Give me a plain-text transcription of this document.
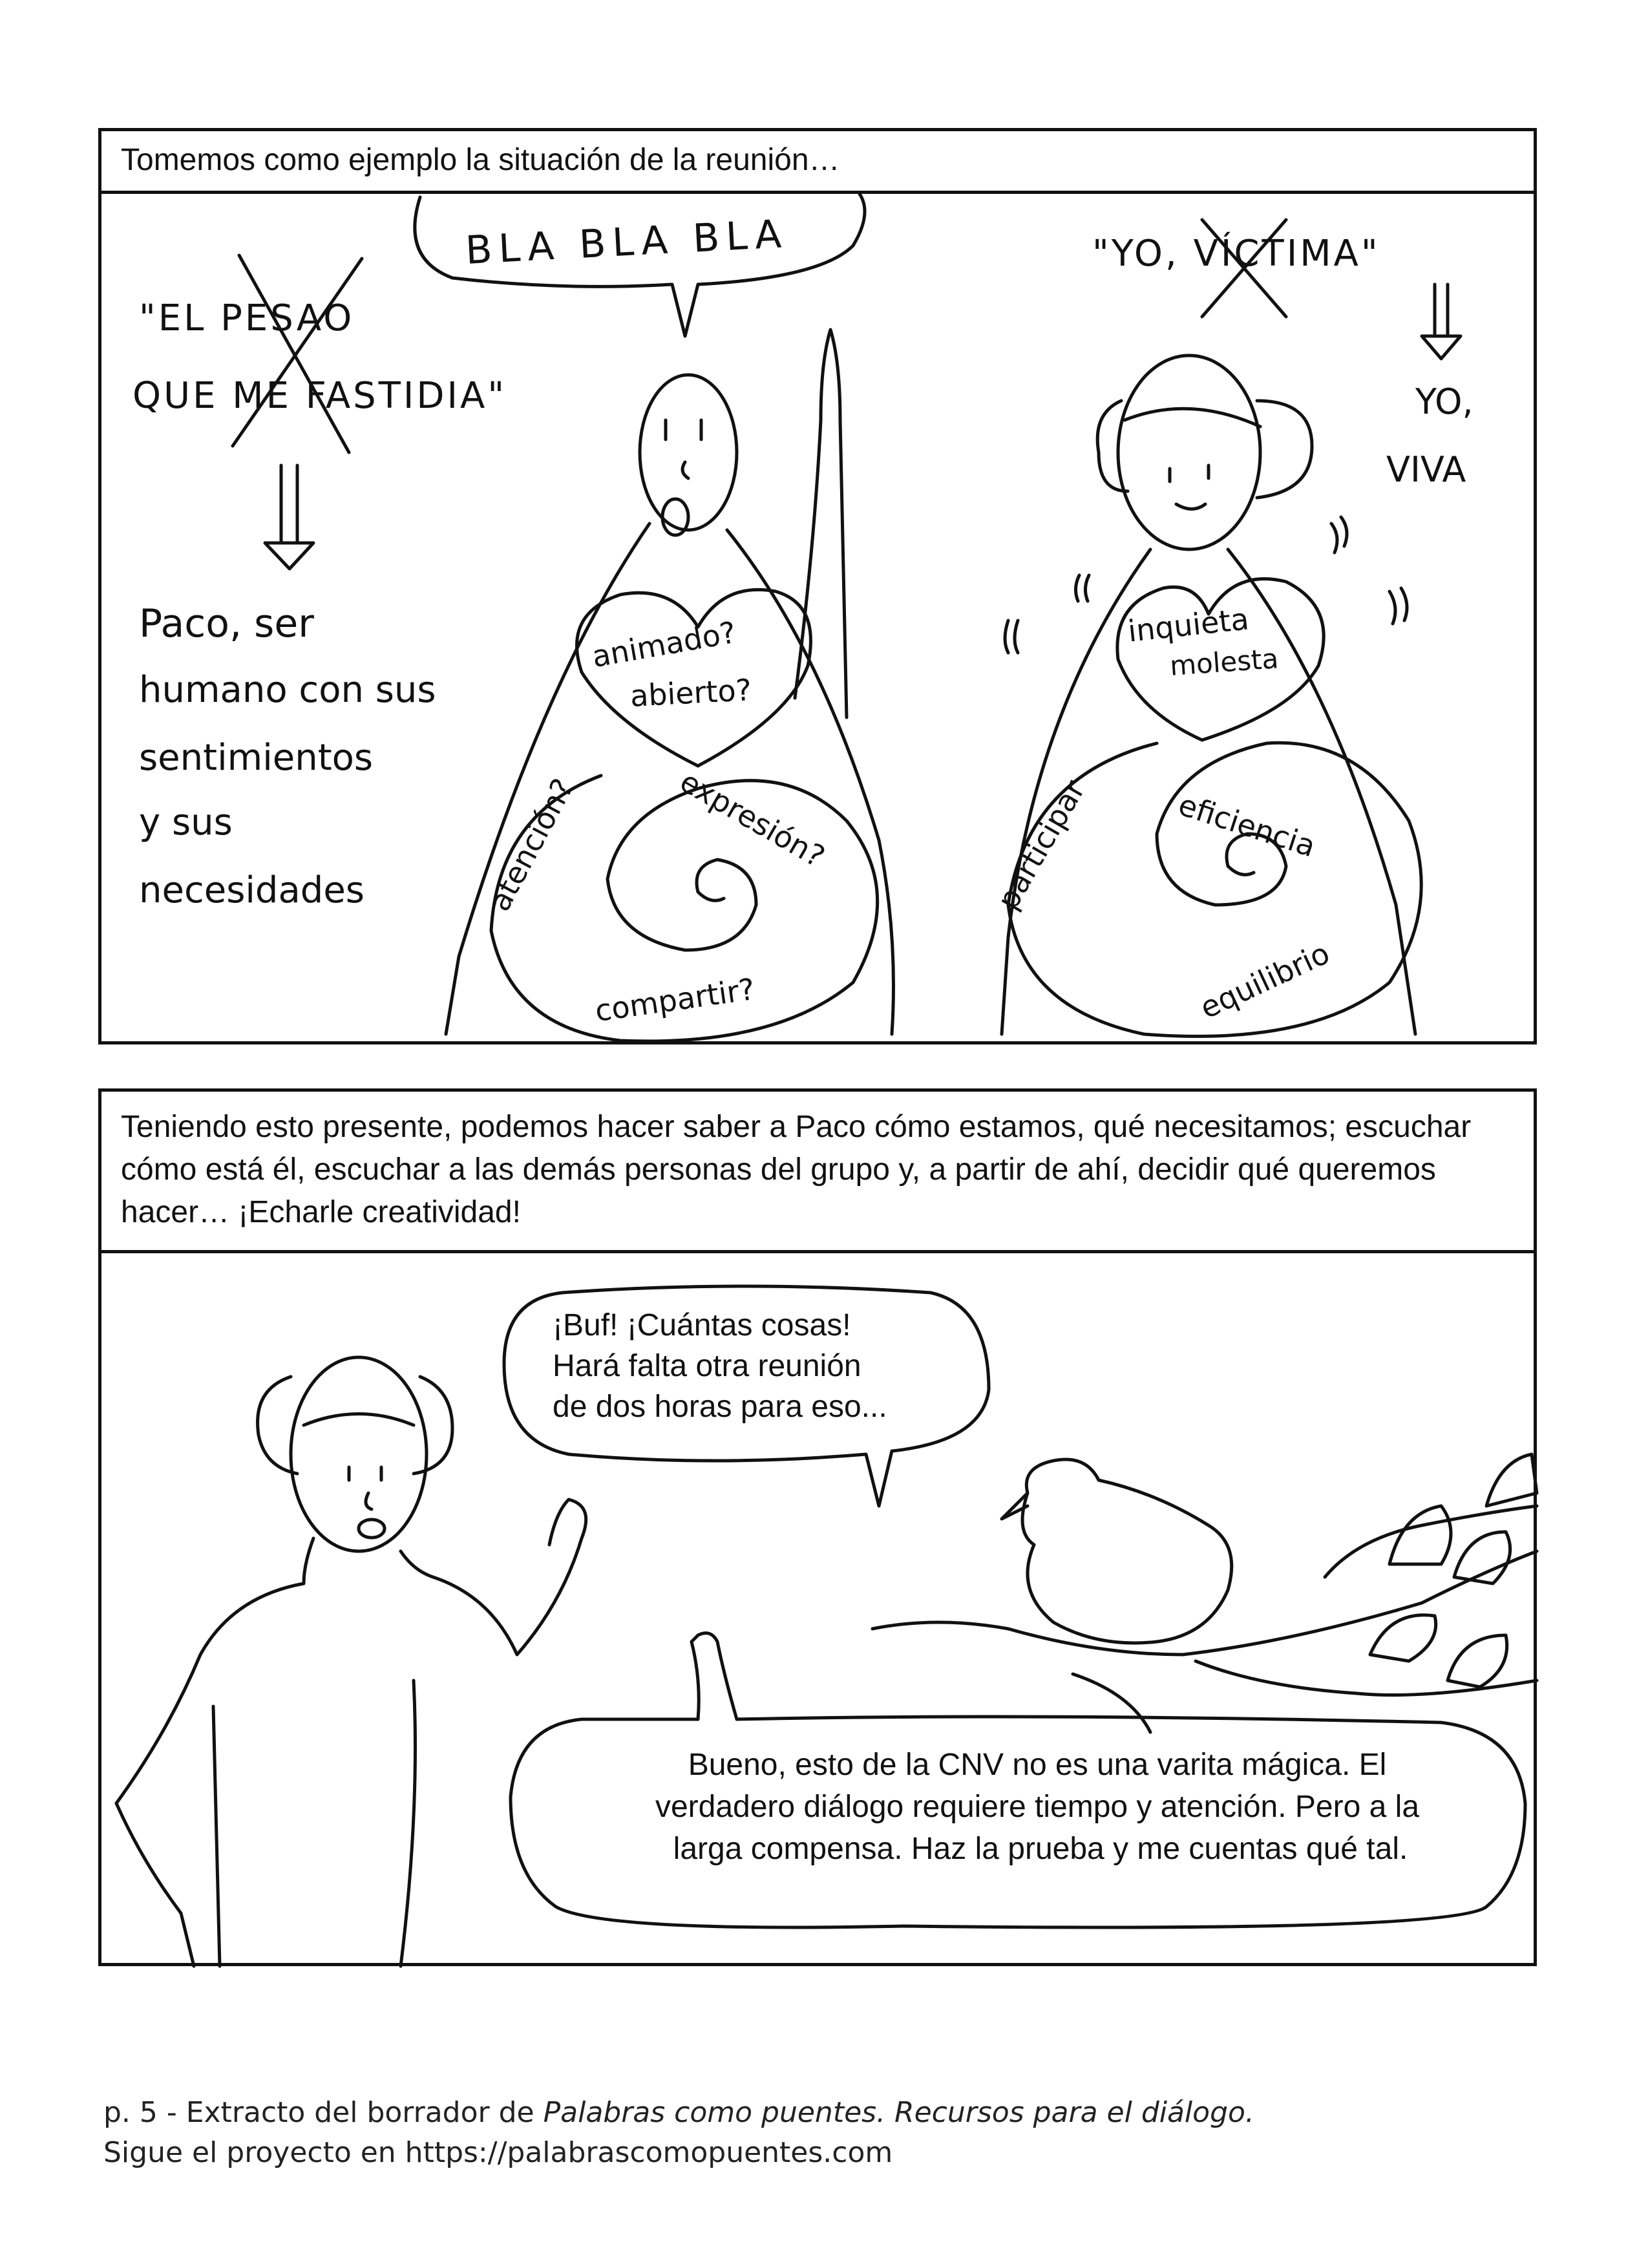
Tomemos como ejemplo la situación de la reunión…
BLA BLA BLA
"EL PESAO
QUE ME FASTIDIA"
Paco, ser
humano con sus
sentimientos
y sus
necesidades
"YO, VÍCTIMA"
YO,
VIVA
animado?
abierto?
atención?	expresión?
compartir?
inquieta
molesta
participar	eficiencia
equilibrio
Teniendo esto presente, podemos hacer saber a Paco cómo estamos, qué necesitamos; escuchar cómo está él, escuchar a las demás personas del grupo y, a partir de ahí, decidir qué queremos hacer… ¡Echarle creatividad!
¡Buf! ¡Cuántas cosas!
Hará falta otra reunión
de dos horas para eso...
Bueno, esto de la CNV no es una varita mágica. El
verdadero diálogo requiere tiempo y atención. Pero a la
larga compensa. Haz la prueba y me cuentas qué tal.
p. 5 - Extracto del borrador de Palabras como puentes. Recursos para el diálogo.
Sigue el proyecto en https://palabrascomopuentes.com
